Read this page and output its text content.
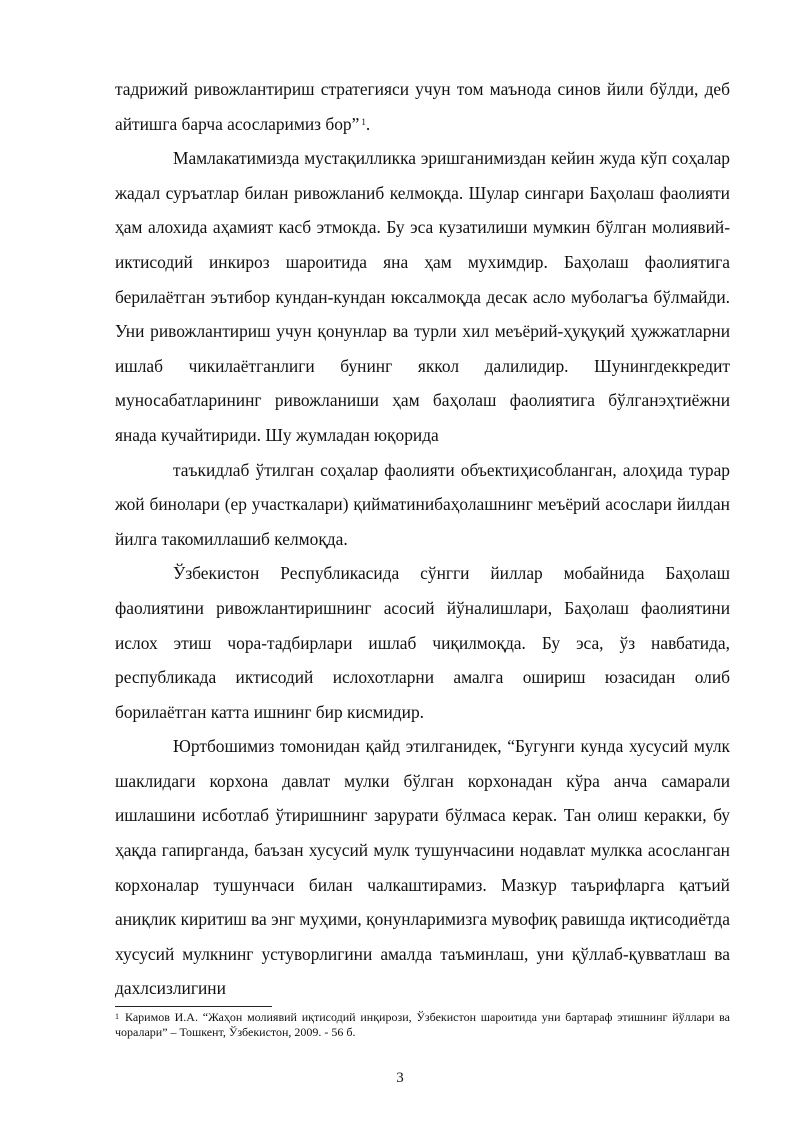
тадрижий ривожлантириш стратегияси учун том маънода синов йили бўлди, деб айтишга барча асосларимиз бор” $^1$.

Мамлакатимизда мустақилликка эришганимиздан кейин жуда кўп соҳалар жадал суръатлар билан ривожланиб келмоқда. Шулар сингари Баҳолаш фаолияти ҳам алохида аҳамият касб этмокда. Бу эса кузатилиши мумкин бўлган молиявий-иктисодий инкироз шароитида яна ҳам мухимдир. Баҳолаш фаолиятига берилаётган эътибор кундан-кундан юксалмоқда десак асло муболагъа бўлмайди. Уни ривожлантириш учун қонунлар ва турли хил меъёрий-ҳуқуқий ҳужжатларни ишлаб чикилаётганлиги бунинг яккол далилидир. Шунингдеккредит муносабатларининг ривожланиши ҳам баҳолаш фаолиятига бўлганэҳтиёжни янада кучайтириди. Шу жумладан юқорида

таъкидлаб ўтилган соҳалар фаолияти объектиҳисобланган, алоҳида турар жой бинолари (ер участкалари) қийматинибаҳолашнинг меъёрий асослари йилдан йилга такомиллашиб келмоқда.

Ўзбекистон Республикасида сўнгги йиллар мобайнида Баҳолаш фаолиятини ривожлантиришнинг асосий йўналишлари, Баҳолаш фаолиятини ислох этиш чора-тадбирлари ишлаб чиқилмоқда. Бу эса, ўз навбатида, республикада иктисодий ислохотларни амалга ошириш юзасидан олиб борилаётган катта ишнинг бир кисмидир.

Юртбошимиз томонидан қайд этилганидек, “Бугунги кунда хусусий мулк шаклидаги корхона давлат мулки бўлган корхонадан кўра анча самарали ишлашини исботлаб ўтиришнинг зарурати бўлмаса керак. Тан олиш керакки, бу ҳақда гапирганда, баъзан хусусий мулк тушунчасини нодавлат мулкка асосланган корхоналар тушунчаси билан чалкаштирамиз. Мазкур таърифларга қатъий аниқлик киритиш ва энг муҳими, қонунларимизга мувофиқ равишда иқтисодиётда хусусий мулкнинг устуворлигини амалда таъминлаш, уни қўллаб-қувватлаш ва дахлсизлигини

$^1$ Каримов И.А. “Жаҳон молиявий иқтисодий инқирози, Ўзбекистон шароитида уни бартараф этишнинг йўллари ва чоралари” – Тошкент, Ўзбекистон, 2009. - 56 б.

3
